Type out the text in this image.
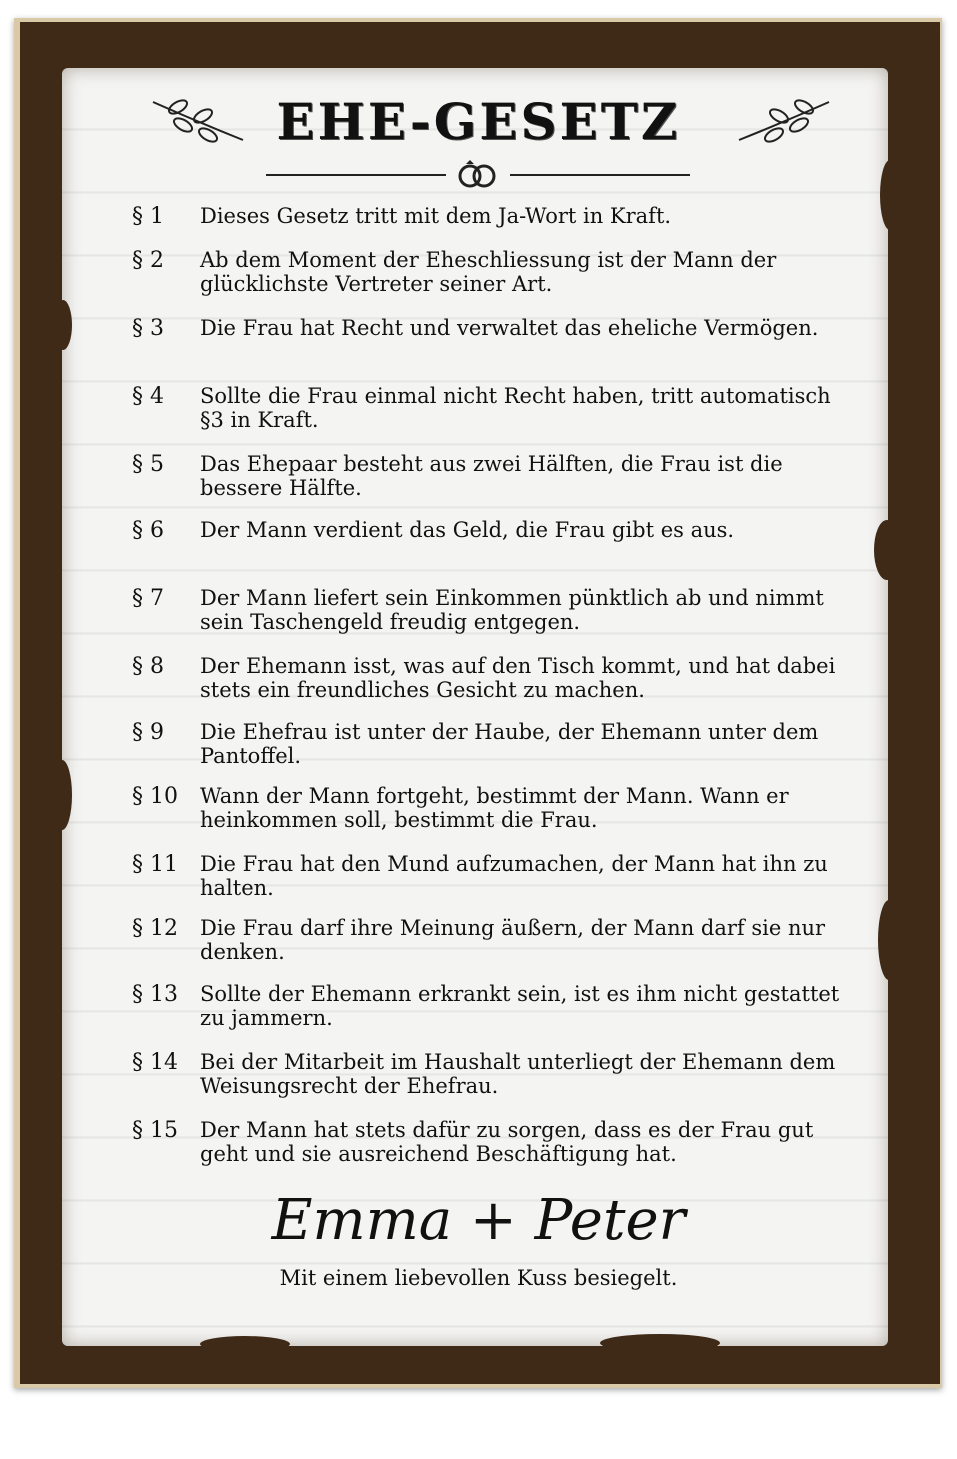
EHE-GESETZ
§ 1	Dieses Gesetz tritt mit dem Ja-Wort in Kraft.
§ 2	Ab dem Moment der Eheschliessung ist der Mann der glücklichste Vertreter seiner Art.
§ 3	Die Frau hat Recht und verwaltet das eheliche Vermögen.
§ 4	Sollte die Frau einmal nicht Recht haben, tritt automatisch §3 in Kraft.
§ 5	Das Ehepaar besteht aus zwei Hälften, die Frau ist die bessere Hälfte.
§ 6	Der Mann verdient das Geld, die Frau gibt es aus.
§ 7	Der Mann liefert sein Einkommen pünktlich ab und nimmt sein Taschengeld freudig entgegen.
§ 8	Der Ehemann isst, was auf den Tisch kommt, und hat dabei stets ein freundliches Gesicht zu machen.
§ 9	Die Ehefrau ist unter der Haube, der Ehemann unter dem Pantoffel.
§ 10	Wann der Mann fortgeht, bestimmt der Mann. Wann er heinkommen soll, bestimmt die Frau.
§ 11	Die Frau hat den Mund aufzumachen, der Mann hat ihn zu halten.
§ 12	Die Frau darf ihre Meinung äußern, der Mann darf sie nur denken.
§ 13	Sollte der Ehemann erkrankt sein, ist es ihm nicht gestattet zu jammern.
§ 14	Bei der Mitarbeit im Haushalt unterliegt der Ehemann dem Weisungsrecht der Ehefrau.
§ 15	Der Mann hat stets dafür zu sorgen, dass es der Frau gut geht und sie ausreichend Beschäftigung hat.
Emma + Peter
Mit einem liebevollen Kuss besiegelt.
